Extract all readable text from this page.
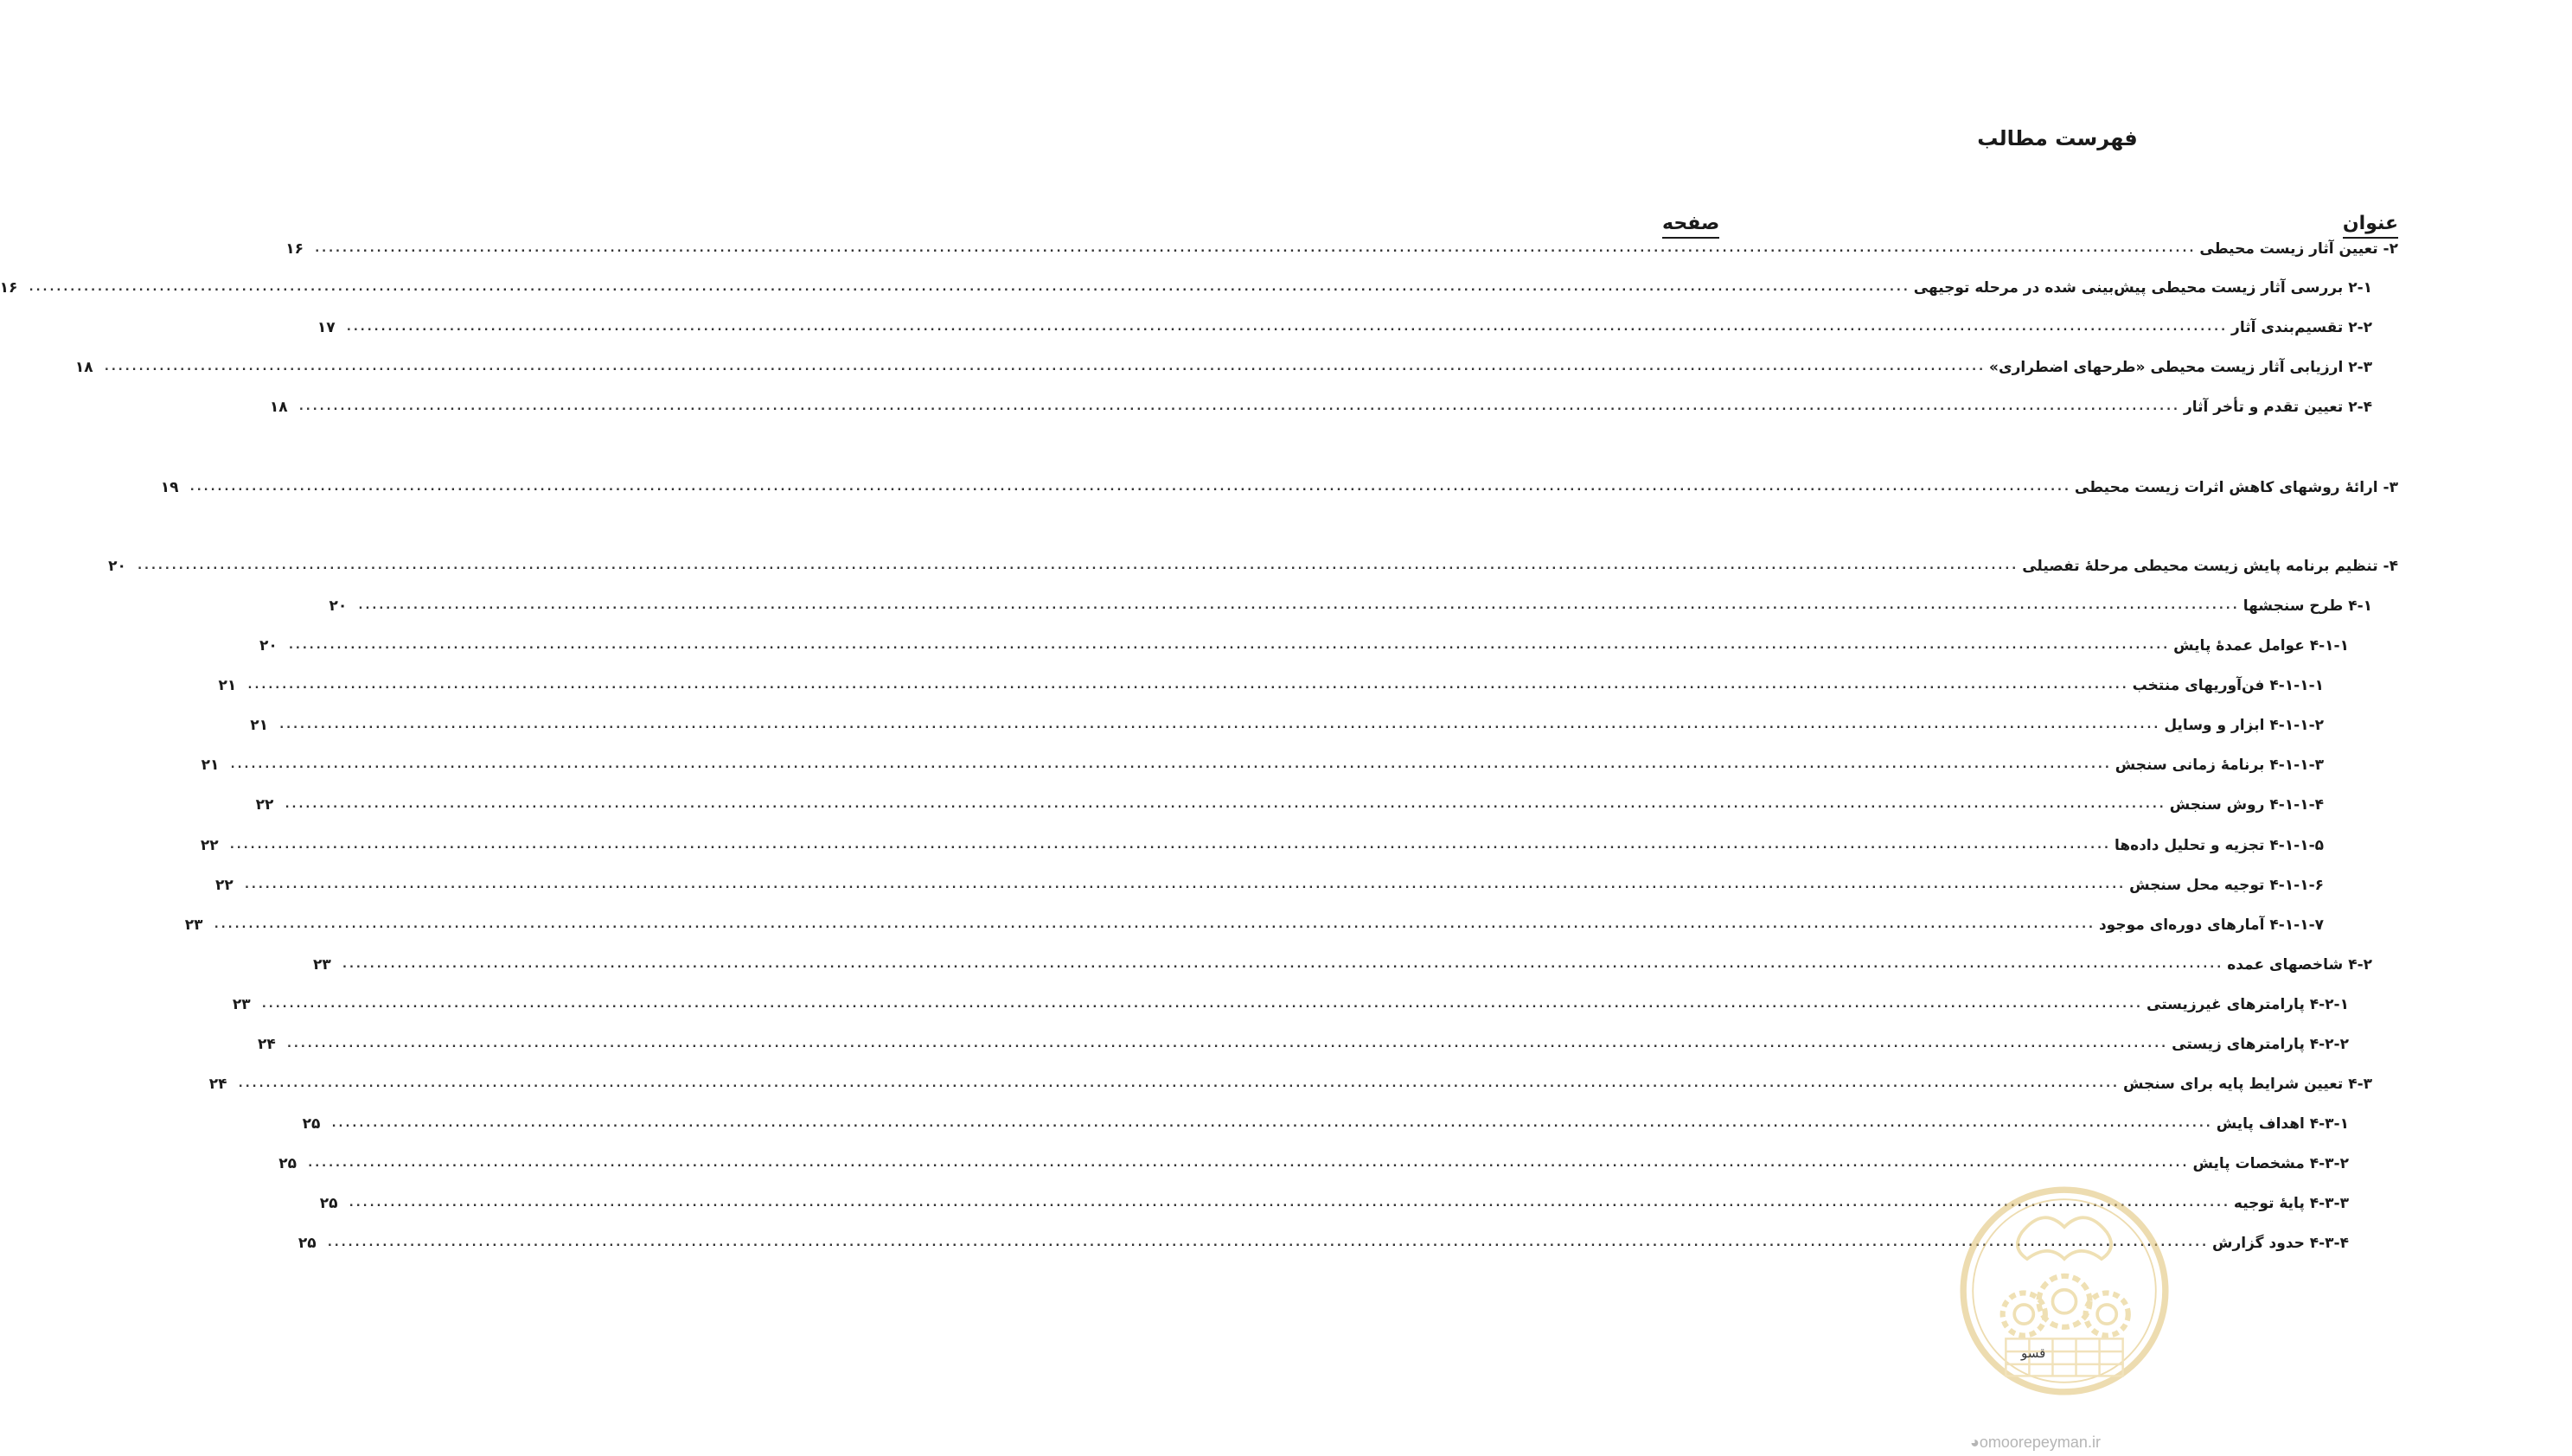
فهرست مطالب
عنوان
صفحه
۲- تعیین آثار زیست محیطی
..................................................................................................................................................................................................................................................................................
۱۶
۲-۱ بررسی آثار زیست محیطی پیش‌بینی شده در مرحله توجیهی
..................................................................................................................................................................................................................................................................................
۱۶
۲-۲ تقسیم‌بندی آثار
..................................................................................................................................................................................................................................................................................
۱۷
۲-۳ ارزیابی آثار زیست محیطی «طرحهای اضطراری»
..................................................................................................................................................................................................................................................................................
۱۸
۲-۴ تعیین تقدم و تأخر آثار
..................................................................................................................................................................................................................................................................................
۱۸
۳- ارائهٔ روشهای کاهش اثرات زیست محیطی
..................................................................................................................................................................................................................................................................................
۱۹
۴- تنظیم برنامه پایش زیست محیطی مرحلهٔ تفصیلی
..................................................................................................................................................................................................................................................................................
۲۰
۴-۱ طرح سنجشها
..................................................................................................................................................................................................................................................................................
۲۰
۴-۱-۱ عوامل عمدهٔ پایش
..................................................................................................................................................................................................................................................................................
۲۰
۴-۱-۱-۱ فن‌آوریهای منتخب
..................................................................................................................................................................................................................................................................................
۲۱
۴-۱-۱-۲ ابزار و وسایل
..................................................................................................................................................................................................................................................................................
۲۱
۴-۱-۱-۳ برنامهٔ زمانی سنجش
..................................................................................................................................................................................................................................................................................
۲۱
۴-۱-۱-۴ روش سنجش
..................................................................................................................................................................................................................................................................................
۲۲
۴-۱-۱-۵ تجزیه و تحلیل داده‌ها
..................................................................................................................................................................................................................................................................................
۲۲
۴-۱-۱-۶ توجیه محل سنجش
..................................................................................................................................................................................................................................................................................
۲۲
۴-۱-۱-۷ آمارهای دوره‌ای موجود
..................................................................................................................................................................................................................................................................................
۲۳
۴-۲ شاخصهای عمده
..................................................................................................................................................................................................................................................................................
۲۳
۴-۲-۱ پارامترهای غیرزیستی
..................................................................................................................................................................................................................................................................................
۲۳
۴-۲-۲ پارامترهای زیستی
..................................................................................................................................................................................................................................................................................
۲۴
۴-۳ تعیین شرایط پایه برای سنجش
..................................................................................................................................................................................................................................................................................
۲۴
۴-۳-۱ اهداف پایش
..................................................................................................................................................................................................................................................................................
۲۵
۴-۳-۲ مشخصات پایش
..................................................................................................................................................................................................................................................................................
۲۵
۴-۳-۳ پایهٔ توجیه
..................................................................................................................................................................................................................................................................................
۲۵
۴-۳-۴ حدود گزارش
..................................................................................................................................................................................................................................................................................
۲۵
قسو
◕omoorepeyman.ir
